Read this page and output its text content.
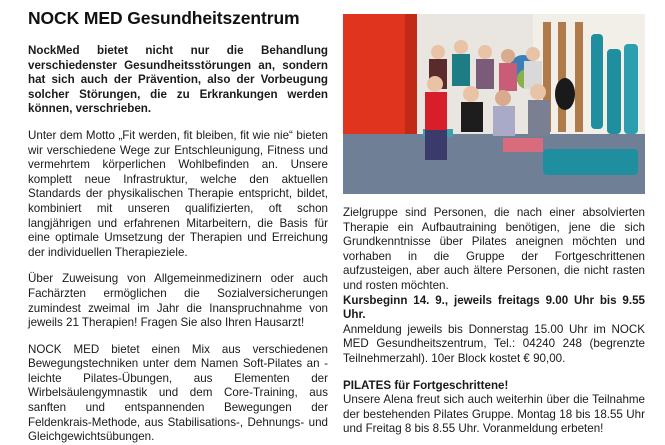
NOCK MED Gesundheitszentrum

NockMed bietet nicht nur die Behandlung verschiedenster Gesundheitsstörungen an, sondern hat sich auch der Prävention, also der Vorbeugung solcher Störungen, die zu Erkrankungen werden können, verschrieben.

Unter dem Motto „Fit werden, fit bleiben, fit wie nie“ bieten wir verschiedene Wege zur Entschleunigung, Fitness und vermehrtem körperlichen Wohlbefinden an. Unsere komplett neue Infrastruktur, welche den aktuellen Standards der physikalischen Therapie entspricht, bildet, kombiniert mit unseren qualifizierten, oft schon langjährigen und erfahrenen Mitarbeitern, die Basis für eine optimale Umsetzung der Therapien und Erreichung der individuellen Therapieziele.

Über Zuweisung von Allgemeinmedizinern oder auch Fachärzten ermöglichen die Sozialversicherungen zumindest zweimal im Jahr die Inanspruchnahme von jeweils 21 Therapien! Fragen Sie also Ihren Hausarzt!

NOCK MED bietet einen Mix aus verschiedenen Bewegungstechniken unter dem Namen Soft-Pilates an - leichte Pilates-Übungen, aus Elementen der Wirbelsäulengymnastik und dem Core-Training, aus sanften und entspannenden Bewegungen der Feldenkrais-Methode, aus Stabilisations-, Dehnungs- und Gleichgewichtsübungen.

Zielgruppe sind Personen, die nach einer absolvierten Therapie ein Aufbautraining benötigen, jene die sich Grundkenntnisse über Pilates aneignen möchten und vorhaben in die Gruppe der Fortgeschrittenen aufzusteigen, aber auch ältere Personen, die nicht rasten und rosten möchten.

Kursbeginn 14. 9., jeweils freitags 9.00 Uhr bis 9.55 Uhr.

Anmeldung jeweils bis Donnerstag 15.00 Uhr im NOCK MED Gesundheitszentrum, Tel.: 04240 248 (begrenzte Teilnehmerzahl). 10er Block kostet € 90,00.

PILATES für Fortgeschrittene!

Unsere Alena freut sich auch weiterhin über die Teilnahme der bestehenden Pilates Gruppe. Montag 18 bis 18.55 Uhr und Freitag 8 bis 8.55 Uhr. Voranmeldung erbeten!
